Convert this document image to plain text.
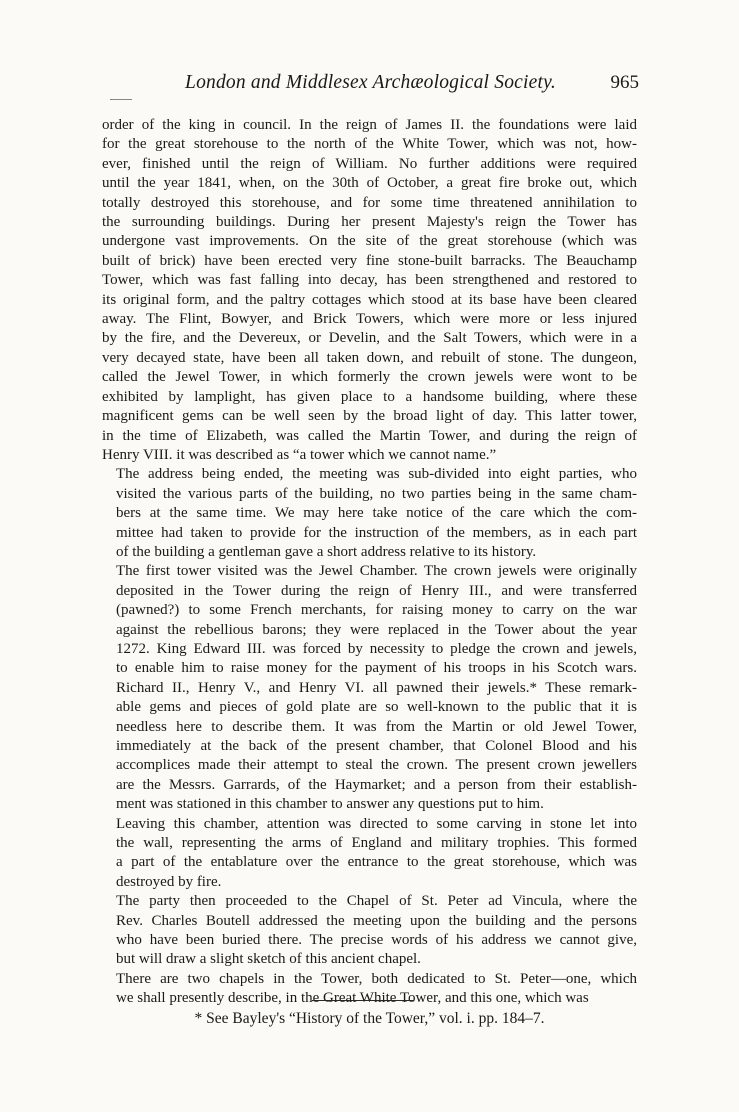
London and Middlesex Archæological Society.	965

order of the king in council. In the reign of James II. the foundations were laid
for the great storehouse to the north of the White Tower, which was not, how-
ever, finished until the reign of William. No further additions were required
until the year 1841, when, on the 30th of October, a great fire broke out, which
totally destroyed this storehouse, and for some time threatened annihilation to
the surrounding buildings. During her present Majesty's reign the Tower has
undergone vast improvements. On the site of the great storehouse (which was
built of brick) have been erected very fine stone-built barracks. The Beauchamp
Tower, which was fast falling into decay, has been strengthened and restored to
its original form, and the paltry cottages which stood at its base have been cleared
away. The Flint, Bowyer, and Brick Towers, which were more or less injured
by the fire, and the Devereux, or Develin, and the Salt Towers, which were in a
very decayed state, have been all taken down, and rebuilt of stone. The dungeon,
called the Jewel Tower, in which formerly the crown jewels were wont to be
exhibited by lamplight, has given place to a handsome building, where these
magnificent gems can be well seen by the broad light of day. This latter tower,
in the time of Elizabeth, was called the Martin Tower, and during the reign of
Henry VIII. it was described as “a tower which we cannot name.”

The address being ended, the meeting was sub-divided into eight parties, who
visited the various parts of the building, no two parties being in the same cham-
bers at the same time. We may here take notice of the care which the com-
mittee had taken to provide for the instruction of the members, as in each part
of the building a gentleman gave a short address relative to its history.

The first tower visited was the Jewel Chamber. The crown jewels were originally
deposited in the Tower during the reign of Henry III., and were transferred
(pawned?) to some French merchants, for raising money to carry on the war
against the rebellious barons; they were replaced in the Tower about the year
1272. King Edward III. was forced by necessity to pledge the crown and jewels,
to enable him to raise money for the payment of his troops in his Scotch wars.
Richard II., Henry V., and Henry VI. all pawned their jewels.* These remark-
able gems and pieces of gold plate are so well-known to the public that it is
needless here to describe them. It was from the Martin or old Jewel Tower,
immediately at the back of the present chamber, that Colonel Blood and his
accomplices made their attempt to steal the crown. The present crown jewellers
are the Messrs. Garrards, of the Haymarket; and a person from their establish-
ment was stationed in this chamber to answer any questions put to him.

Leaving this chamber, attention was directed to some carving in stone let into
the wall, representing the arms of England and military trophies. This formed
a part of the entablature over the entrance to the great storehouse, which was
destroyed by fire.

The party then proceeded to the Chapel of St. Peter ad Vincula, where the
Rev. Charles Boutell addressed the meeting upon the building and the persons
who have been buried there. The precise words of his address we cannot give,
but will draw a slight sketch of this ancient chapel.

There are two chapels in the Tower, both dedicated to St. Peter—one, which
we shall presently describe, in the Great White Tower, and this one, which was

* See Bayley's “History of the Tower,” vol. i. pp. 184–7.
